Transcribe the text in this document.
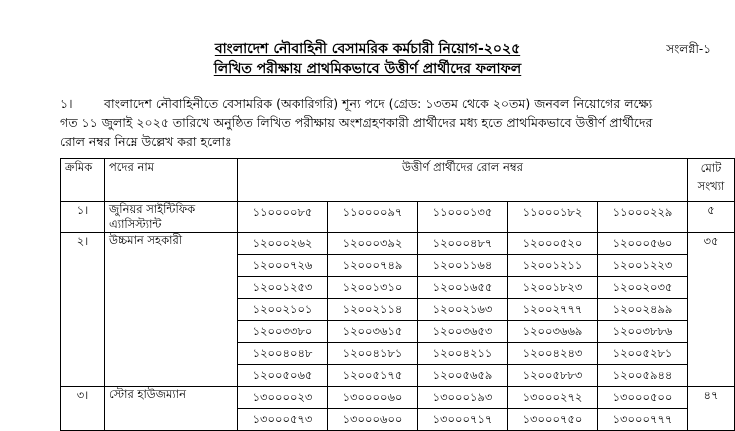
বাংলাদেশ নৌবাহিনী বেসামরিক কর্মচারী নিয়োগ-২০২৫	সংলগ্নী-১
লিখিত পরীক্ষায় প্রাথমিকভাবে উত্তীর্ণ প্রার্থীদের ফলাফল
১।	বাংলাদেশ নৌবাহিনীতে বেসামরিক (অকারিগরি) শূন্য পদে (গ্রেড: ১৩তম থেকে ২০তম) জনবল নিয়োগের লক্ষ্যে
গত ১১ জুলাই ২০২৫ তারিখে অনুষ্ঠিত লিখিত পরীক্ষায় অংশগ্রহণকারী প্রার্থীদের মধ্য হতে প্রাথমিকভাবে উত্তীর্ণ প্রার্থীদের
রোল নম্বর নিম্নে উল্লেখ করা হলোঃ
ক্রমিক	পদের নাম	উত্তীর্ণ প্রার্থীদের রোল নম্বর					মোট সংখ্যা
১।	জুনিয়র সাইন্টিফিক এ্যাসিস্ট্যান্ট	১১০০০০৮৫	১১০০০০৯৭	১১০০০১৩৫	১১০০০১৮২	১১০০০২২৯	৫
২।	উচ্চমান সহকারী	১২০০০২৬২	১২০০০৩৯২	১২০০০৪৮৭	১২০০০৫২০	১২০০০৫৬০	৩৫
		১২০০০৭২৬	১২০০০৭৪৯	১২০০১১৬৪	১২০০১২১১	১২০০১২২৩	
		১২০০১২৫৩	১২০০১৩১০	১২০০১৬৫৫	১২০০১৮২৩	১২০০২০৩৫	
		১২০০২১০১	১২০০২১১৪	১২০০২১৬৩	১২০০২৭৭৭	১২০০২৪৯৯	
		১২০০৩৩৮০	১২০০৩৬১৫	১২০০৩৬৫৩	১২০০৩৬৬৯	১২০০৩৮৮৬	
		১২০০৪০৪৮	১২০০৪১৮১	১২০০৪২১১	১২০০৪২৪৩	১২০০৫২৮১	
		১২০০৫০৬৫	১২০০৫১৭৫	১২০০৫৬৫৯	১২০০৫৮৮৩	১২০০৫৯৪৪	
৩।	স্টোর হাউজম্যান	১৩০০০০২৩	১৩০০০০৬০	১৩০০০১৯৩	১৩০০০২৭২	১৩০০০৫০০	৪৭
		১৩০০০৫৭৩	১৩০০০৬০০	১৩০০০৭১৭	১৩০০০৭৫০	১৩০০০৭৭৭	
